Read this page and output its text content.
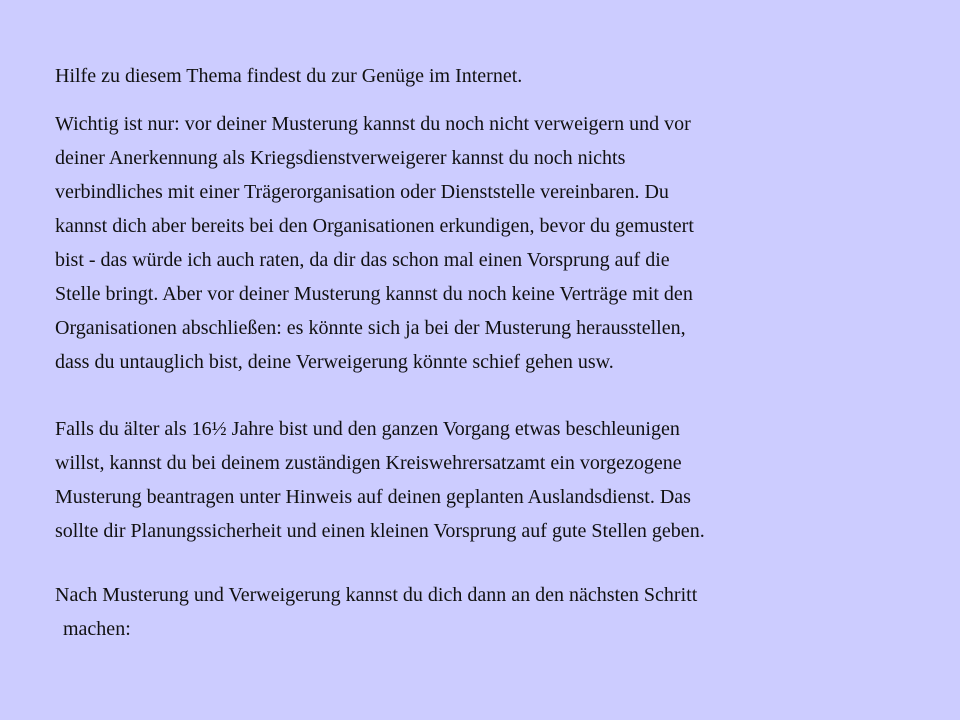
Hilfe zu diesem Thema findest du zur Genüge im Internet.

Wichtig ist nur: vor deiner Musterung kannst du noch nicht verweigern und vor
deiner Anerkennung als Kriegsdienstverweigerer kannst du noch nichts
verbindliches mit einer Trägerorganisation oder Dienststelle vereinbaren. Du
kannst dich aber bereits bei den Organisationen erkundigen, bevor du gemustert
bist - das würde ich auch raten, da dir das schon mal einen Vorsprung auf die
Stelle bringt. Aber vor deiner Musterung kannst du noch keine Verträge mit den
Organisationen abschließen: es könnte sich ja bei der Musterung herausstellen,
dass du untauglich bist, deine Verweigerung könnte schief gehen usw.

Falls du älter als 16½ Jahre bist und den ganzen Vorgang etwas beschleunigen
willst, kannst du bei deinem zuständigen Kreiswehrersatzamt ein vorgezogene
Musterung beantragen unter Hinweis auf deinen geplanten Auslandsdienst. Das
sollte dir Planungssicherheit und einen kleinen Vorsprung auf gute Stellen geben.

Nach Musterung und Verweigerung kannst du dich dann an den nächsten Schritt
machen:
